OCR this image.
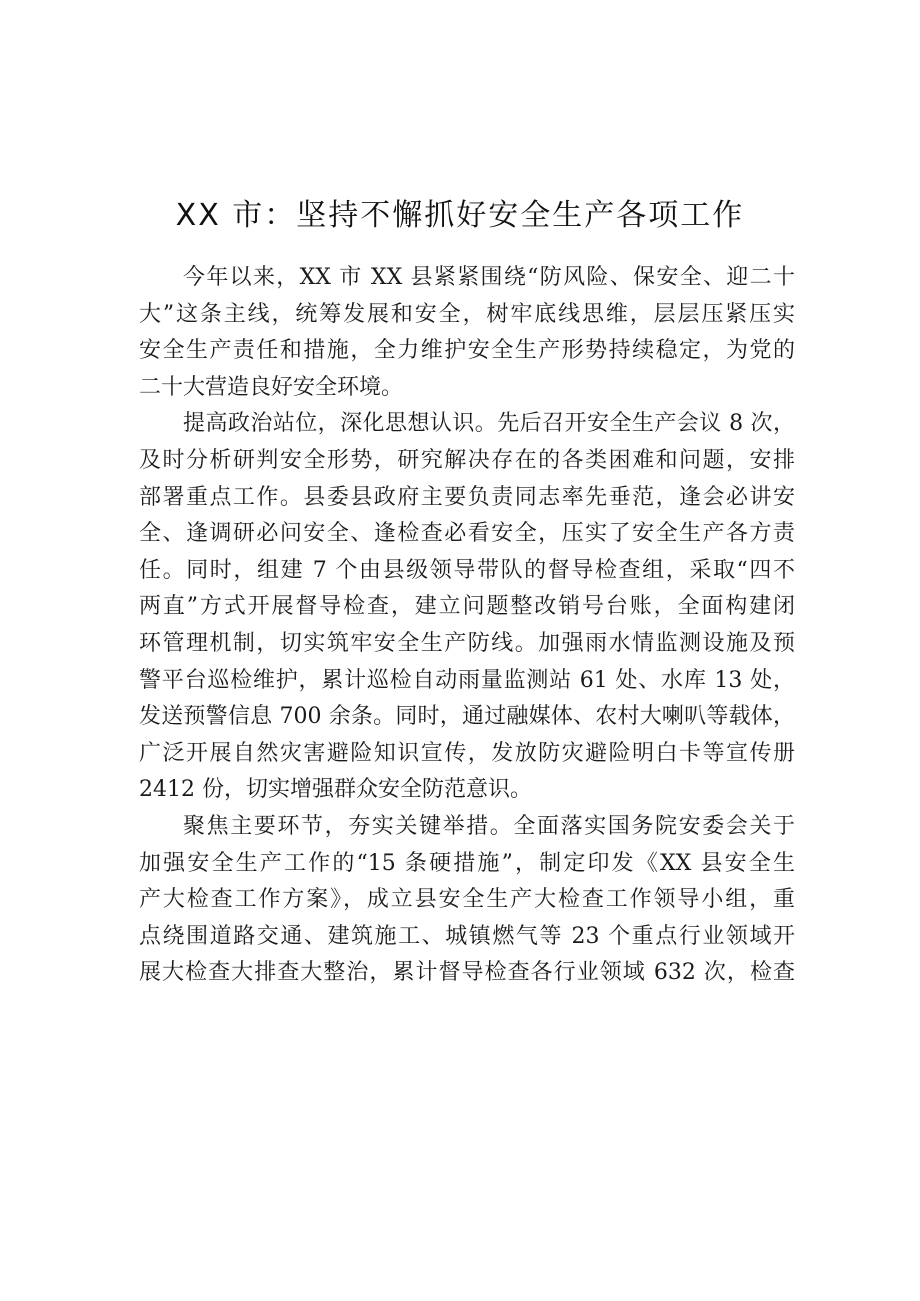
XX 市：坚持不懈抓好安全生产各项工作
今年以来，XX 市 XX 县紧紧围绕“防风险、保安全、迎二十
大”这条主线，统筹发展和安全，树牢底线思维，层层压紧压实
安全生产责任和措施，全力维护安全生产形势持续稳定，为党的
二十大营造良好安全环境。
提高政治站位，深化思想认识。先后召开安全生产会议 8 次，
及时分析研判安全形势，研究解决存在的各类困难和问题，安排
部署重点工作。县委县政府主要负责同志率先垂范，逢会必讲安
全、逢调研必问安全、逢检查必看安全，压实了安全生产各方责
任。同时，组建 7 个由县级领导带队的督导检查组，采取“四不
两直”方式开展督导检查，建立问题整改销号台账，全面构建闭
环管理机制，切实筑牢安全生产防线。加强雨水情监测设施及预
警平台巡检维护，累计巡检自动雨量监测站 61 处、水库 13 处，
发送预警信息 700 余条。同时，通过融媒体、农村大喇叭等载体，
广泛开展自然灾害避险知识宣传，发放防灾避险明白卡等宣传册
2412 份，切实增强群众安全防范意识。
聚焦主要环节，夯实关键举措。全面落实国务院安委会关于
加强安全生产工作的“15 条硬措施”，制定印发《XX 县安全生
产大检查工作方案》，成立县安全生产大检查工作领导小组，重
点绕围道路交通、建筑施工、城镇燃气等 23 个重点行业领域开
展大检查大排查大整治，累计督导检查各行业领域 632 次，检查
